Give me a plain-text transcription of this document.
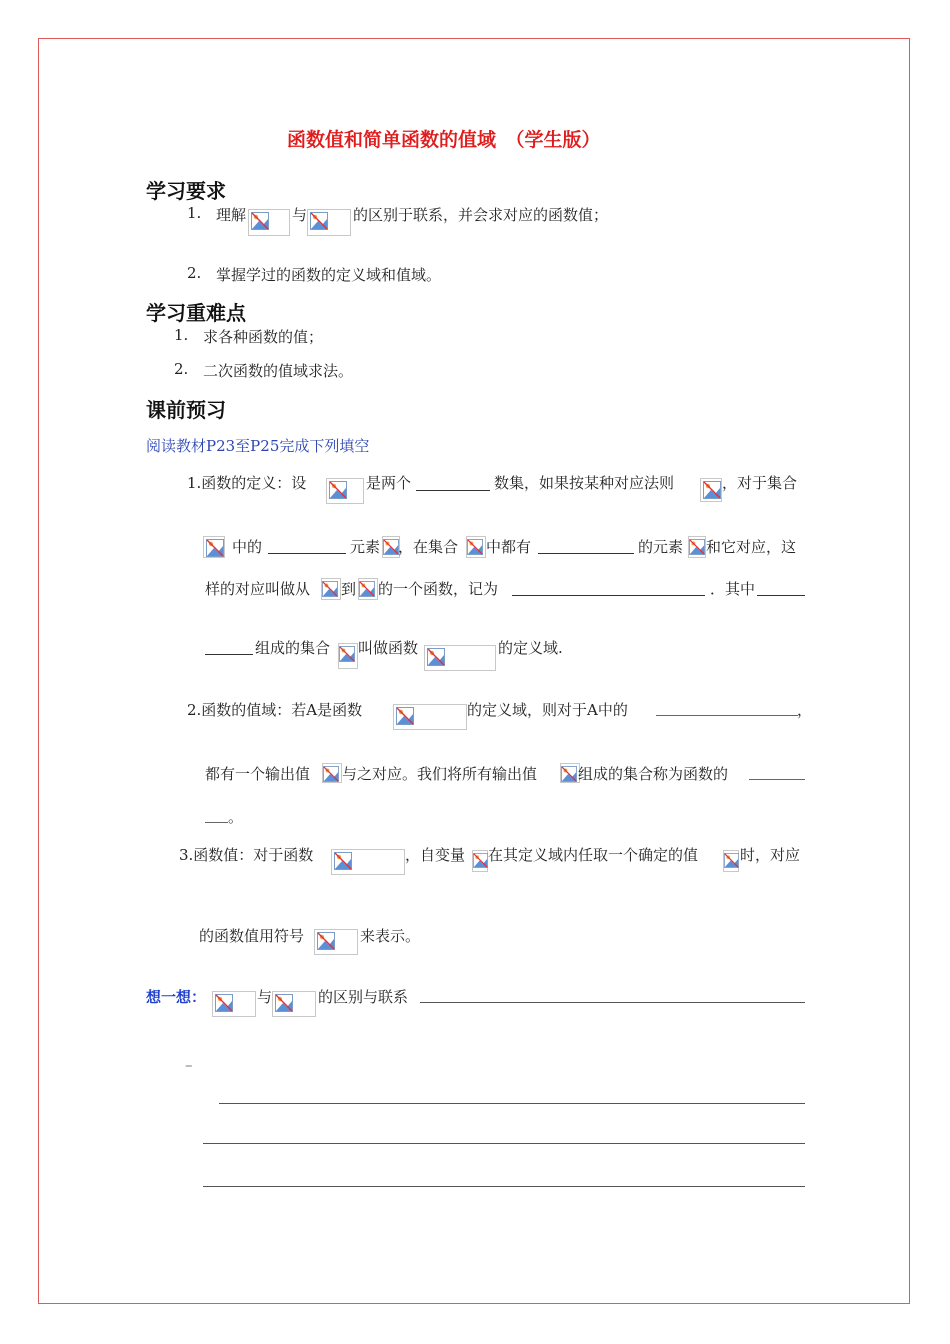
函数值和简单函数的值域　（学生版）
学习要求
1. 理解	与	的区别于联系，并会求对应的函数值；
2. 掌握学过的函数的定义域和值域。
学习重难点
1. 求各种函数的值；
2. 二次函数的值域求法。
课前预习
阅读教材P23至P25完成下列填空
1.函数的定义：设	是两个	数集，如果按某种对应法则	，对于集合
中的	元素 ，在集合 中都有	的元素 和它对应，这
样的对应叫做从 到 的一个函数，记为	．其中
组成的集合 叫做函数	的定义域.
2.函数的值域：若A是函数	的定义域，则对于A中的	，
都有一个输出值 与之对应。我们将所有输出值	组成的集合称为函数的
。
3.函数值：对于函数	，自变量 在其定义域内任取一个确定的值	时，对应
的函数值用符号	来表示。
想一想：	与	的区别与联系
–
